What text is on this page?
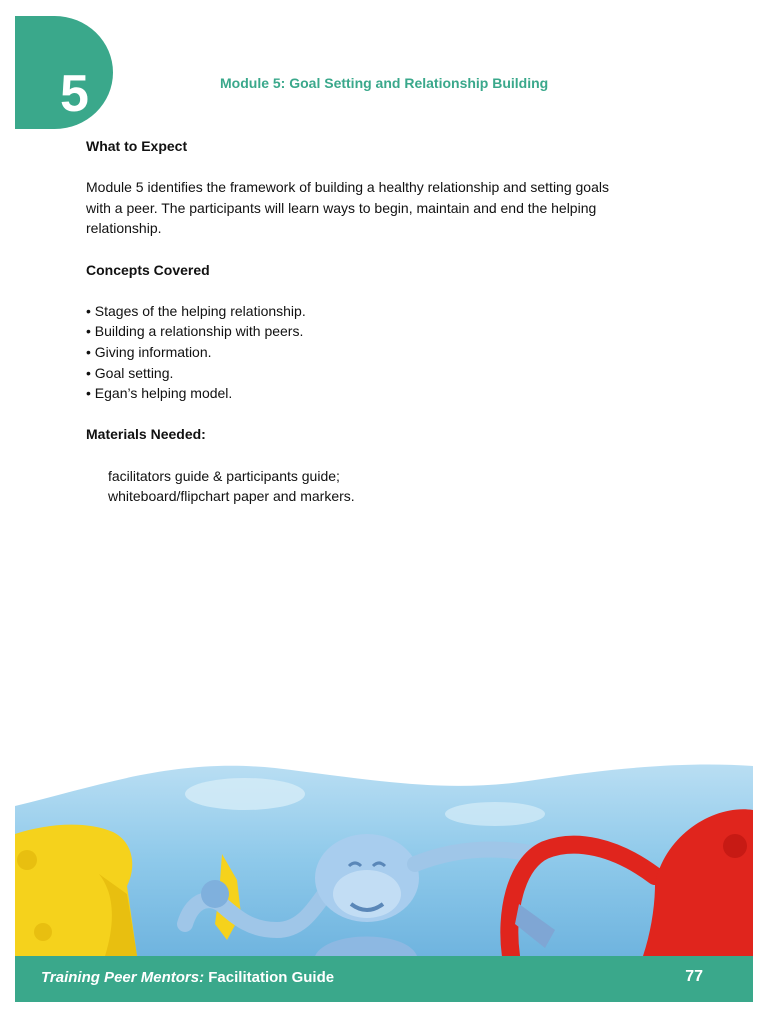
5	Module 5: Goal Setting and Relationship Building

What to Expect

Module 5 identifies the framework of building a healthy relationship and setting goals

with a peer. The participants will learn ways to begin, maintain and end the helping

relationship.

Concepts Covered

• Stages of the helping relationship.
• Building a relationship with peers.
• Giving information.
• Goal setting.
• Egan’s helping model.

Materials Needed:

facilitators guide & participants guide;

whiteboard/flipchart paper and markers.

Training Peer Mentors: Facilitation Guide	77
